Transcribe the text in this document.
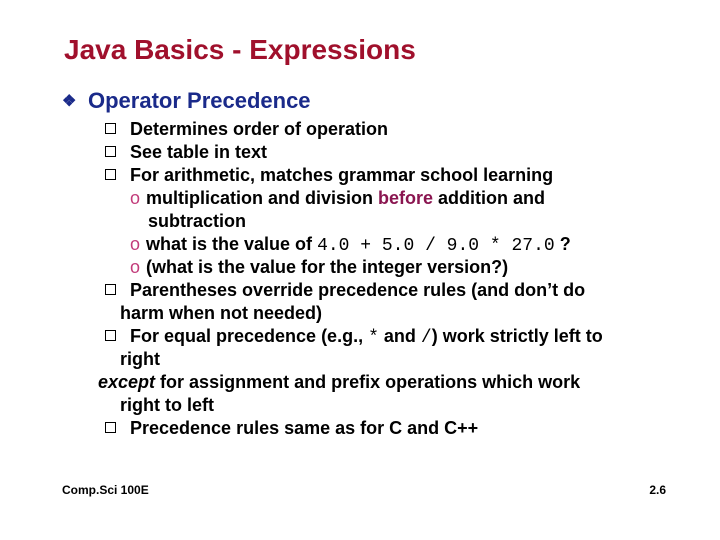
Java Basics - Expressions
❖ Operator Precedence
Determines order of operation
See table in text
For arithmetic, matches grammar school learning
o multiplication and division before addition and
subtraction
o what is the value of 4.0 + 5.0 / 9.0 * 27.0 ?
o (what is the value for the integer version?)
Parentheses override precedence rules (and don’t do
harm when not needed)
For equal precedence (e.g., * and /) work strictly left to
right
except for assignment and prefix operations which work
right to left
Precedence rules same as for C and C++
Comp.Sci 100E	2.6
